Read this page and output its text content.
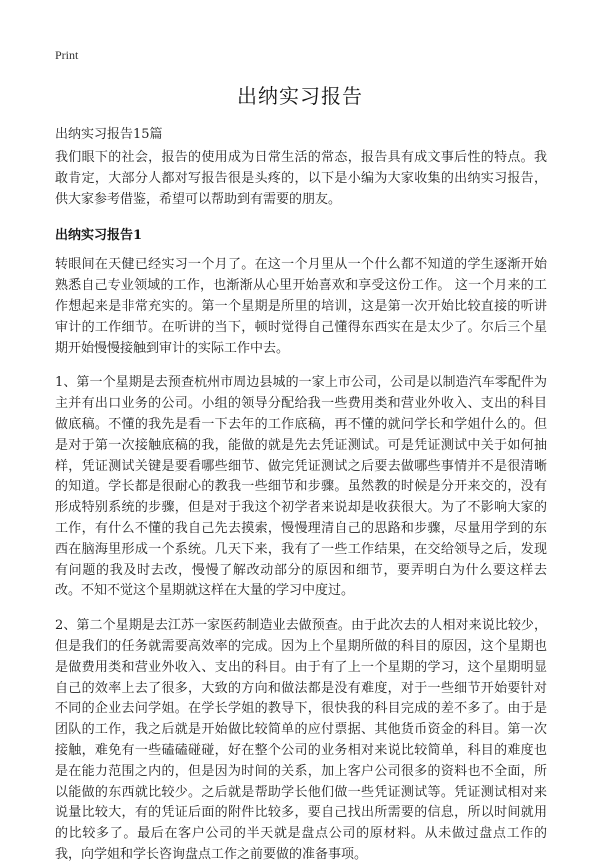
Print
出纳实习报告
出纳实习报告15篇

我们眼下的社会，报告的使用成为日常生活的常态，报告具有成文事后性的特点。我敢肯定，大部分人都对写报告很是头疼的，以下是小编为大家收集的出纳实习报告，供大家参考借鉴，希望可以帮助到有需要的朋友。

出纳实习报告1

转眼间在天健已经实习一个月了。在这一个月里从一个什么都不知道的学生逐渐开始熟悉自己专业领域的工作，也渐渐从心里开始喜欢和享受这份工作。 这一个月来的工作想起来是非常充实的。第一个星期是所里的培训，这是第一次开始比较直接的听讲审计的工作细节。在听讲的当下，顿时觉得自己懂得东西实在是太少了。尔后三个星期开始慢慢接触到审计的实际工作中去。

1、第一个星期是去预查杭州市周边县城的一家上市公司，公司是以制造汽车零配件为主并有出口业务的公司。小组的领导分配给我一些费用类和营业外收入、支出的科目做底稿。不懂的我先是看一下去年的工作底稿，再不懂的就问学长和学姐什么的。但是对于第一次接触底稿的我，能做的就是先去凭证测试。可是凭证测试中关于如何抽样，凭证测试关键是要看哪些细节、做完凭证测试之后要去做哪些事情并不是很清晰的知道。学长都是很耐心的教我一些细节和步骤。虽然教的时候是分开来交的，没有形成特别系统的步骤，但是对于我这个初学者来说却是收获很大。为了不影响大家的工作，有什么不懂的我自己先去摸索，慢慢理清自己的思路和步骤，尽量用学到的东西在脑海里形成一个系统。几天下来，我有了一些工作结果，在交给领导之后，发现有问题的我及时去改，慢慢了解改动部分的原因和细节，要弄明白为什么要这样去改。不知不觉这个星期就这样在大量的学习中度过。

2、第二个星期是去江苏一家医药制造业去做预查。由于此次去的人相对来说比较少，但是我们的任务就需要高效率的完成。因为上个星期所做的科目的原因，这个星期也是做费用类和营业外收入、支出的科目。由于有了上一个星期的学习，这个星期明显自己的效率上去了很多，大致的方向和做法都是没有难度，对于一些细节开始要针对不同的企业去问学姐。在学长学姐的教导下，很快我的科目完成的差不多了。由于是团队的工作，我之后就是开始做比较简单的应付票据、其他货币资金的科目。第一次接触，难免有一些磕磕碰碰，好在整个公司的业务相对来说比较简单，科目的难度也是在能力范围之内的，但是因为时间的关系，加上客户公司很多的资料也不全面，所以能做的东西就比较少。之后就是帮助学长他们做一些凭证测试等。凭证测试相对来说量比较大，有的凭证后面的附件比较多，要自己找出所需要的信息，所以时间就用的比较多了。最后在客户公司的半天就是盘点公司的原材料。从未做过盘点工作的我，向学姐和学长咨询盘点工作之前要做的准备事项。
